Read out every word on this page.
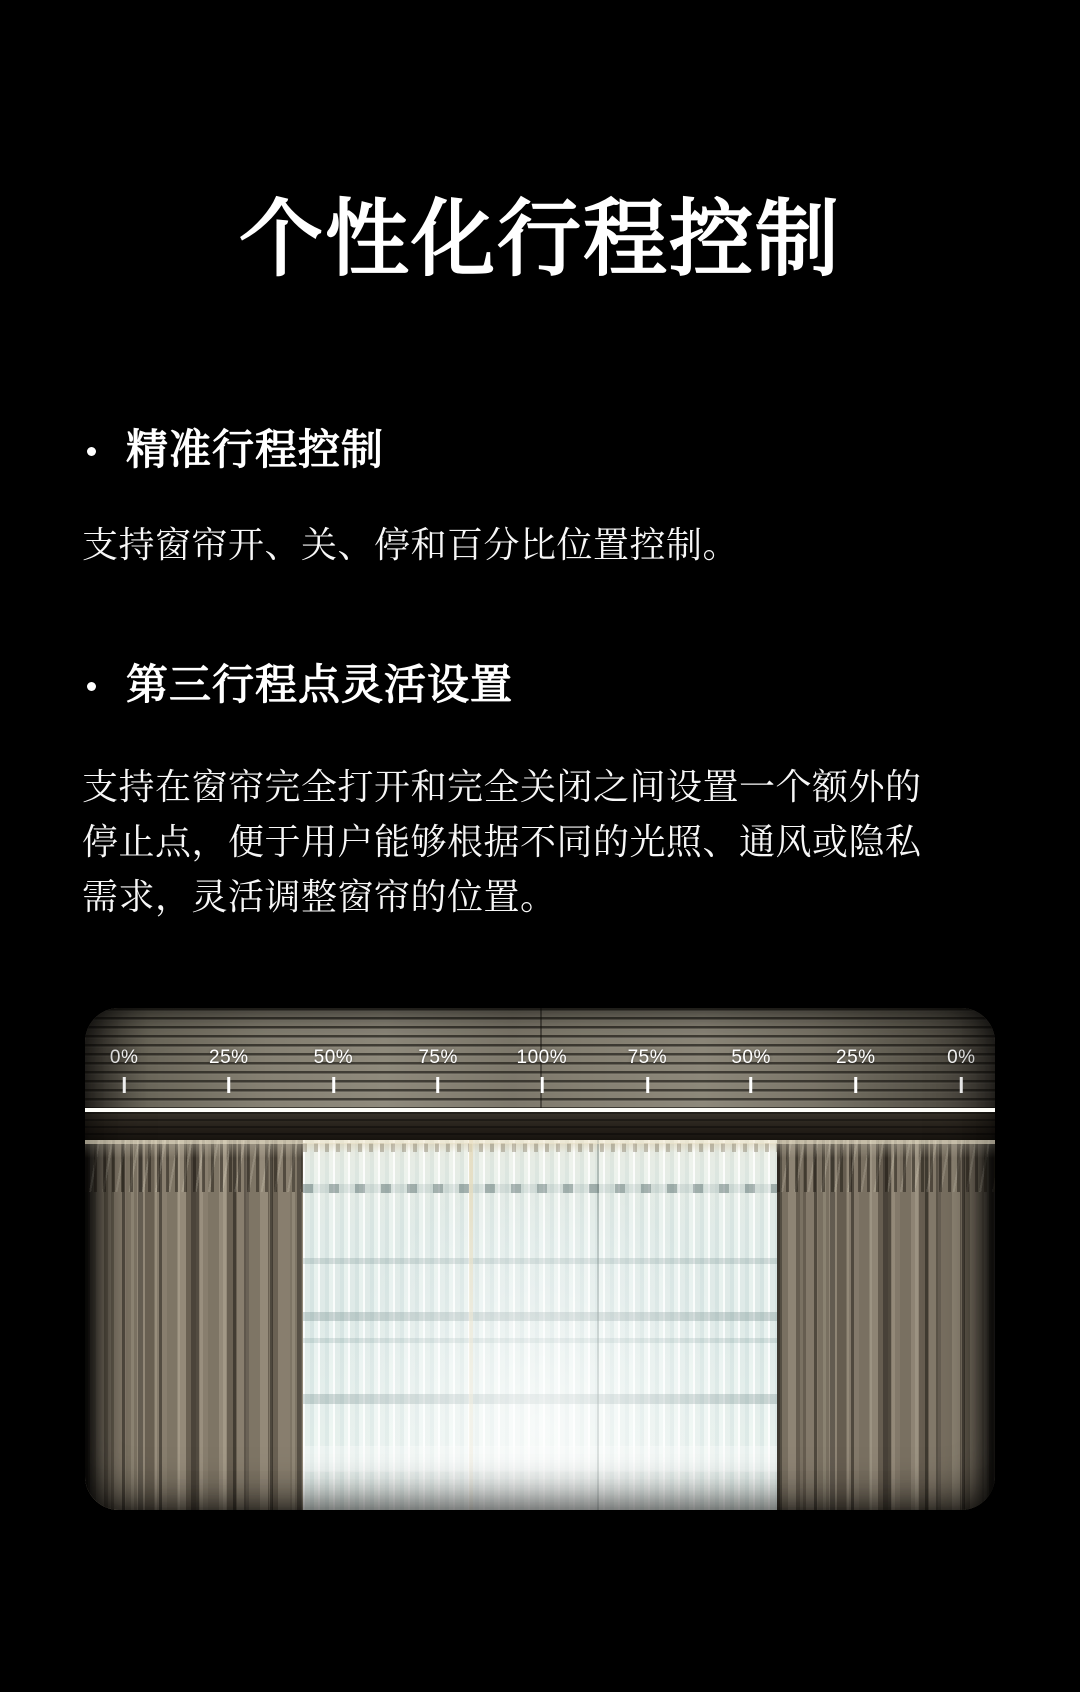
个性化行程控制
精准行程控制

支持窗帘开、关、停和百分比位置控制。

第三行程点灵活设置

支持在窗帘完全打开和完全关闭之间设置一个额外的停止点，便于用户能够根据不同的光照、通风或隐私需求，灵活调整窗帘的位置。

0%	25%	50%	75%	100%	75%	50%	25%	0%
